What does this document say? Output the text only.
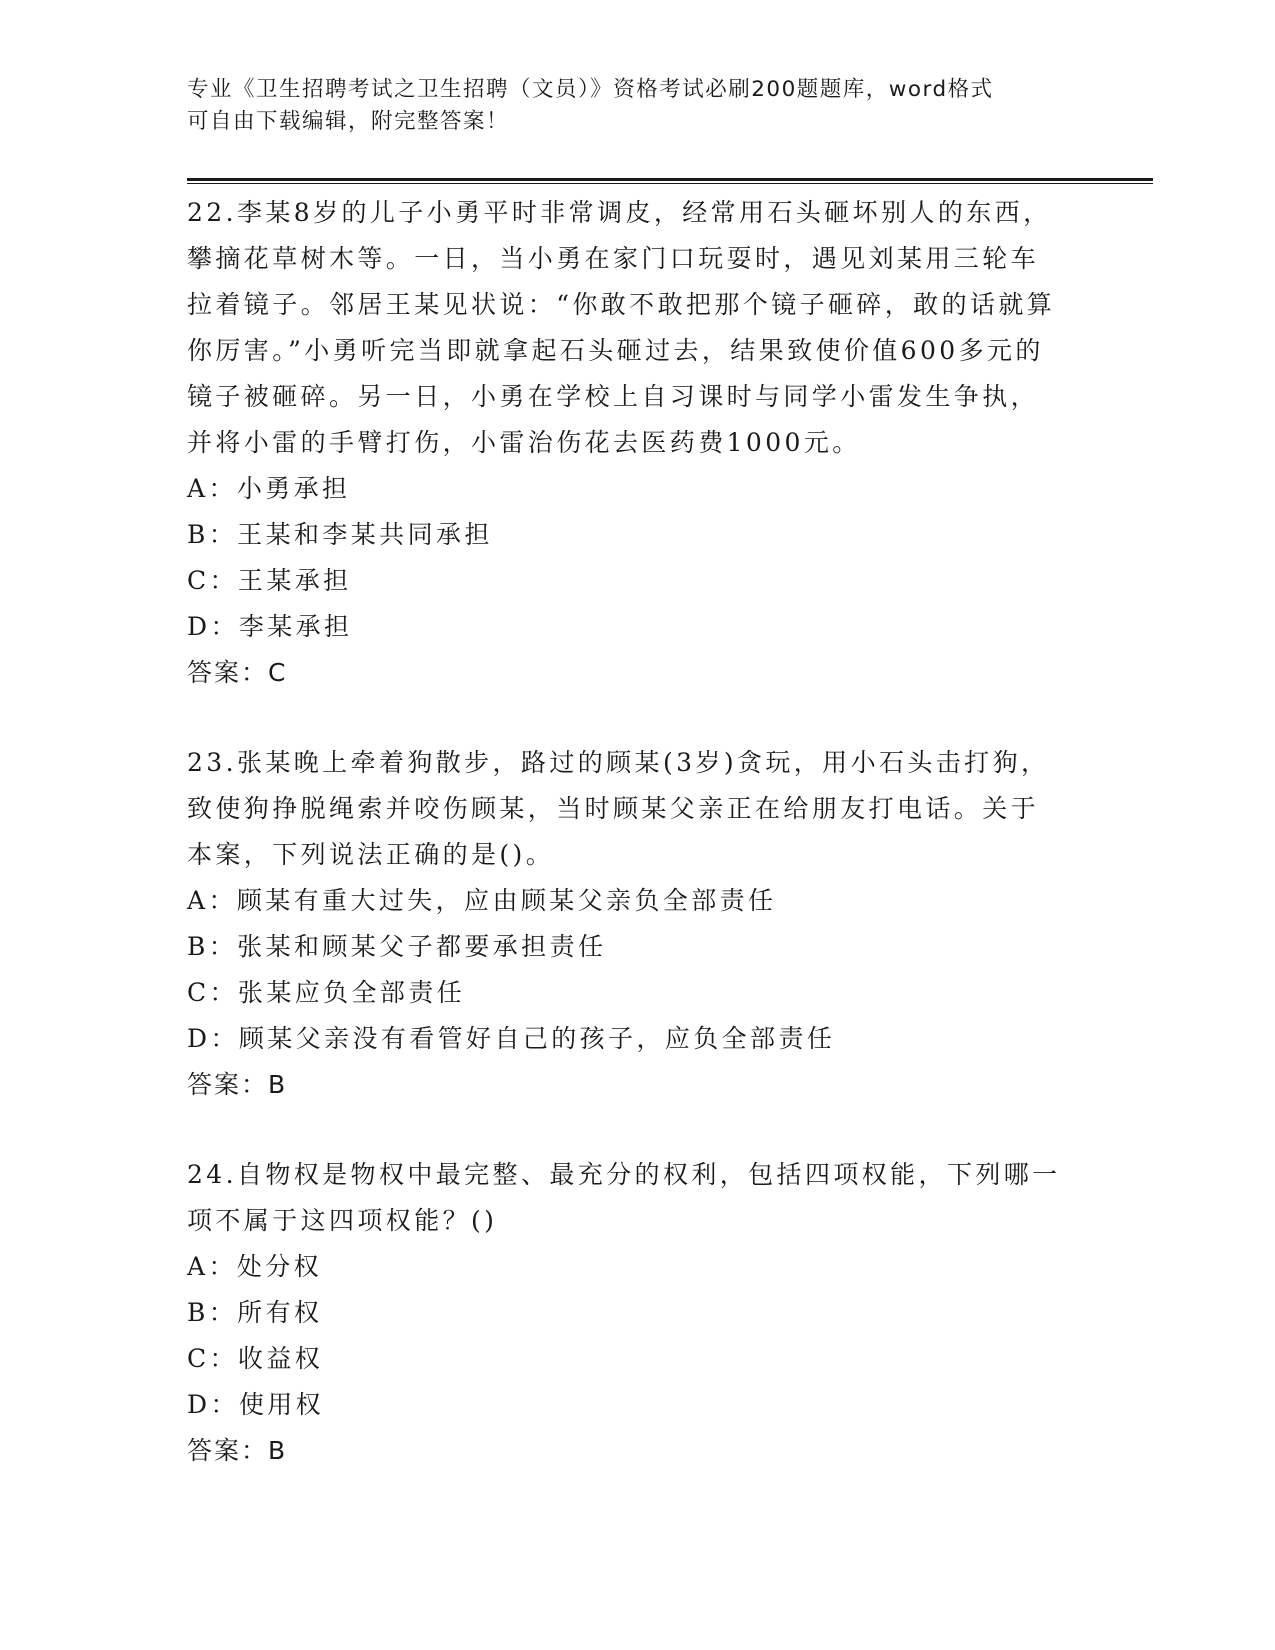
专业《卫生招聘考试之卫生招聘（文员）》资格考试必刷200题题库，word格式
可自由下载编辑，附完整答案！

22.李某8岁的儿子小勇平时非常调皮，经常用石头砸坏别人的东西，攀摘花草树木等。一日，当小勇在家门口玩耍时，遇见刘某用三轮车拉着镜子。邻居王某见状说：“你敢不敢把那个镜子砸碎，敢的话就算你厉害。”小勇听完当即就拿起石头砸过去，结果致使价值600多元的镜子被砸碎。另一日，小勇在学校上自习课时与同学小雷发生争执，并将小雷的手臂打伤，小雷治伤花去医药费1000元。

A：小勇承担

B：王某和李某共同承担

C：王某承担

D：李某承担

答案：C

23.张某晚上牵着狗散步，路过的顾某(3岁)贪玩，用小石头击打狗，致使狗挣脱绳索并咬伤顾某，当时顾某父亲正在给朋友打电话。关于本案，下列说法正确的是()。

A：顾某有重大过失，应由顾某父亲负全部责任

B：张某和顾某父子都要承担责任

C：张某应负全部责任

D：顾某父亲没有看管好自己的孩子，应负全部责任

答案：B

24.自物权是物权中最完整、最充分的权利，包括四项权能，下列哪一项不属于这四项权能？()

A：处分权

B：所有权

C：收益权

D：使用权

答案：B
